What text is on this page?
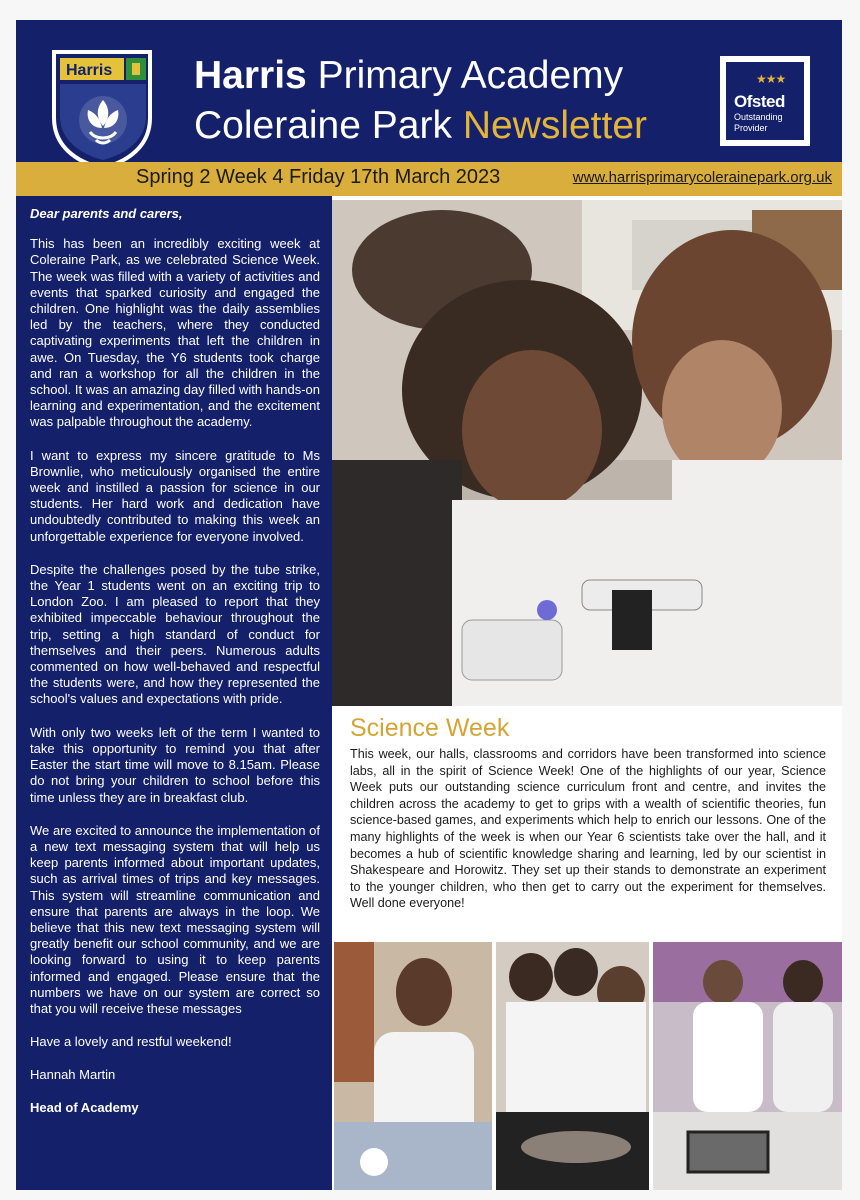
Harris Harris Primary Academy
Coleraine Park Newsletter
★★★
Ofsted
Outstanding
Provider
Spring 2 Week 4 Friday 17th March 2023	www.harrisprimarycolerainepark.org.uk

Dear parents and carers,

This has been an incredibly exciting week at Coleraine Park, as we celebrated Science Week. The week was filled with a variety of activities and events that sparked curiosity and engaged the children. One highlight was the daily assemblies led by the teachers, where they conducted captivating experiments that left the children in awe. On Tuesday, the Y6 students took charge and ran a workshop for all the children in the school. It was an amazing day filled with hands-on learning and experimentation, and the excitement was palpable throughout the academy.

I want to express my sincere gratitude to Ms Brownlie, who meticulously organised the entire week and instilled a passion for science in our students. Her hard work and dedication have undoubtedly contributed to making this week an unforgettable experience for everyone involved.

Despite the challenges posed by the tube strike, the Year 1 students went on an exciting trip to London Zoo. I am pleased to report that they exhibited impeccable behaviour throughout the trip, setting a high standard of conduct for themselves and their peers. Numerous adults commented on how well-behaved and respectful the students were, and how they represented the school's values and expectations with pride.

With only two weeks left of the term I wanted to take this opportunity to remind you that after Easter the start time will move to 8.15am. Please do not bring your children to school before this time unless they are in breakfast club.

We are excited to announce the implementation of a new text messaging system that will help us keep parents informed about important updates, such as arrival times of trips and key messages. This system will streamline communication and ensure that parents are always in the loop. We believe that this new text messaging system will greatly benefit our school community, and we are looking forward to using it to keep parents informed and engaged. Please ensure that the numbers we have on our system are correct so that you will receive these messages

Have a lovely and restful weekend!

Hannah Martin

Head of Academy

Science Week
This week, our halls, classrooms and corridors have been transformed into science labs, all in the spirit of Science Week! One of the highlights of our year, Science Week puts our outstanding science curriculum front and centre, and invites the children across the academy to get to grips with a wealth of scientific theories, fun science-based games, and experiments which help to enrich our lessons. One of the many highlights of the week is when our Year 6 scientists take over the hall, and it becomes a hub of scientific knowledge sharing and learning, led by our scientist in Shakespeare and Horowitz. They set up their stands to demonstrate an experiment to the younger children, who then get to carry out the experiment for themselves. Well done everyone!
